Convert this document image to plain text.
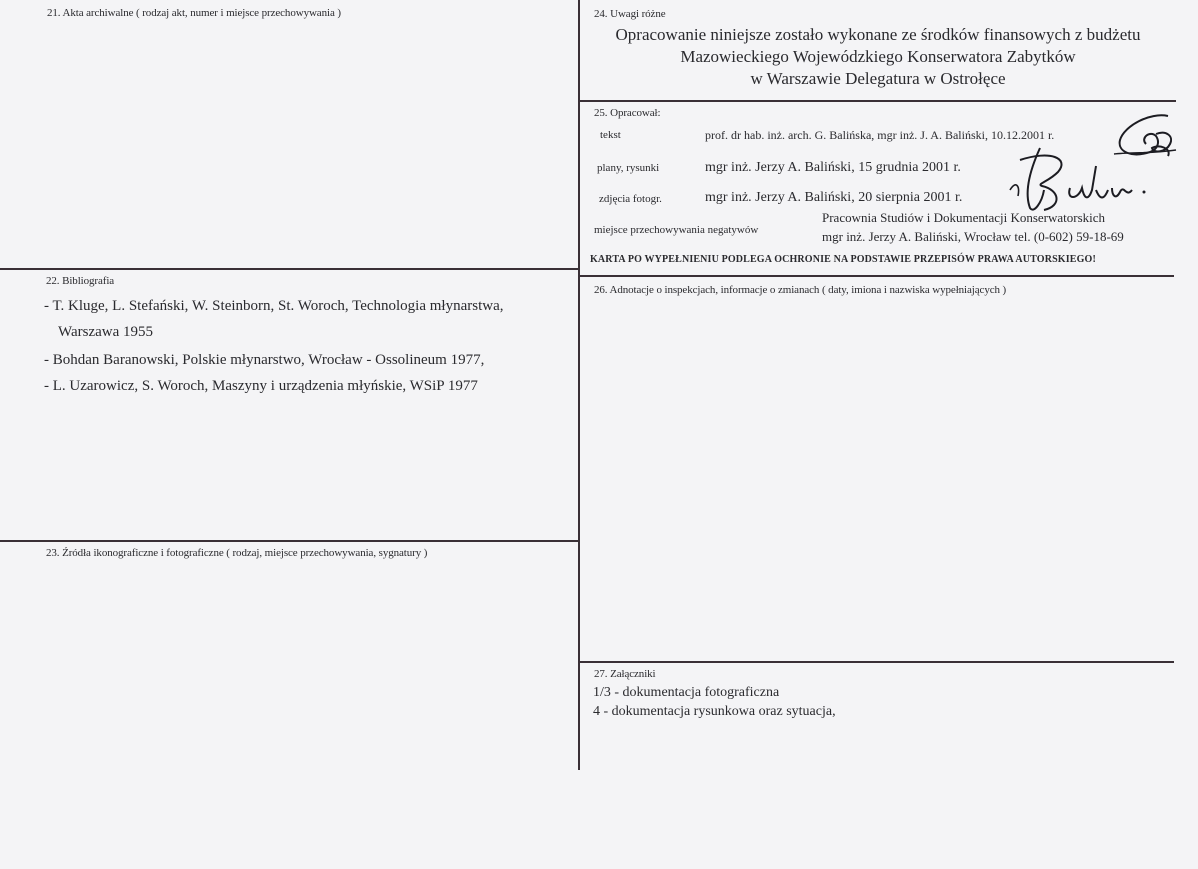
21. Akta archiwalne ( rodzaj akt, numer i miejsce przechowywania )
22. Bibliografia
- T. Kluge, L. Stefański, W. Steinborn, St. Woroch, Technologia młynarstwa,
Warszawa 1955
- Bohdan Baranowski, Polskie młynarstwo, Wrocław - Ossolineum 1977,
- L. Uzarowicz, S. Woroch, Maszyny i urządzenia młyńskie, WSiP 1977
23. Źródła ikonograficzne i fotograficzne ( rodzaj, miejsce przechowywania, sygnatury )
24. Uwagi różne
Opracowanie niniejsze zostało wykonane ze środków finansowych z budżetu
Mazowieckiego Wojewódzkiego Konserwatora Zabytków
w Warszawie Delegatura w Ostrołęce
25. Opracował:
tekst	prof. dr hab. inż. arch. G. Balińska, mgr inż. J. A. Baliński, 10.12.2001 r.
plany, rysunki	mgr inż. Jerzy A. Baliński, 15 grudnia 2001 r.
zdjęcia fotogr.	mgr inż. Jerzy A. Baliński, 20 sierpnia 2001 r.
miejsce przechowywania negatywów
Pracownia Studiów i Dokumentacji Konserwatorskich
mgr inż. Jerzy A. Baliński, Wrocław tel. (0-602) 59-18-69
KARTA PO WYPEŁNIENIU PODLEGA OCHRONIE NA PODSTAWIE PRZEPISÓW PRAWA AUTORSKIEGO!
26. Adnotacje o inspekcjach, informacje o zmianach ( daty, imiona i nazwiska wypełniających )
27. Załączniki
1/3 - dokumentacja fotograficzna
4 - dokumentacja rysunkowa oraz sytuacja,
